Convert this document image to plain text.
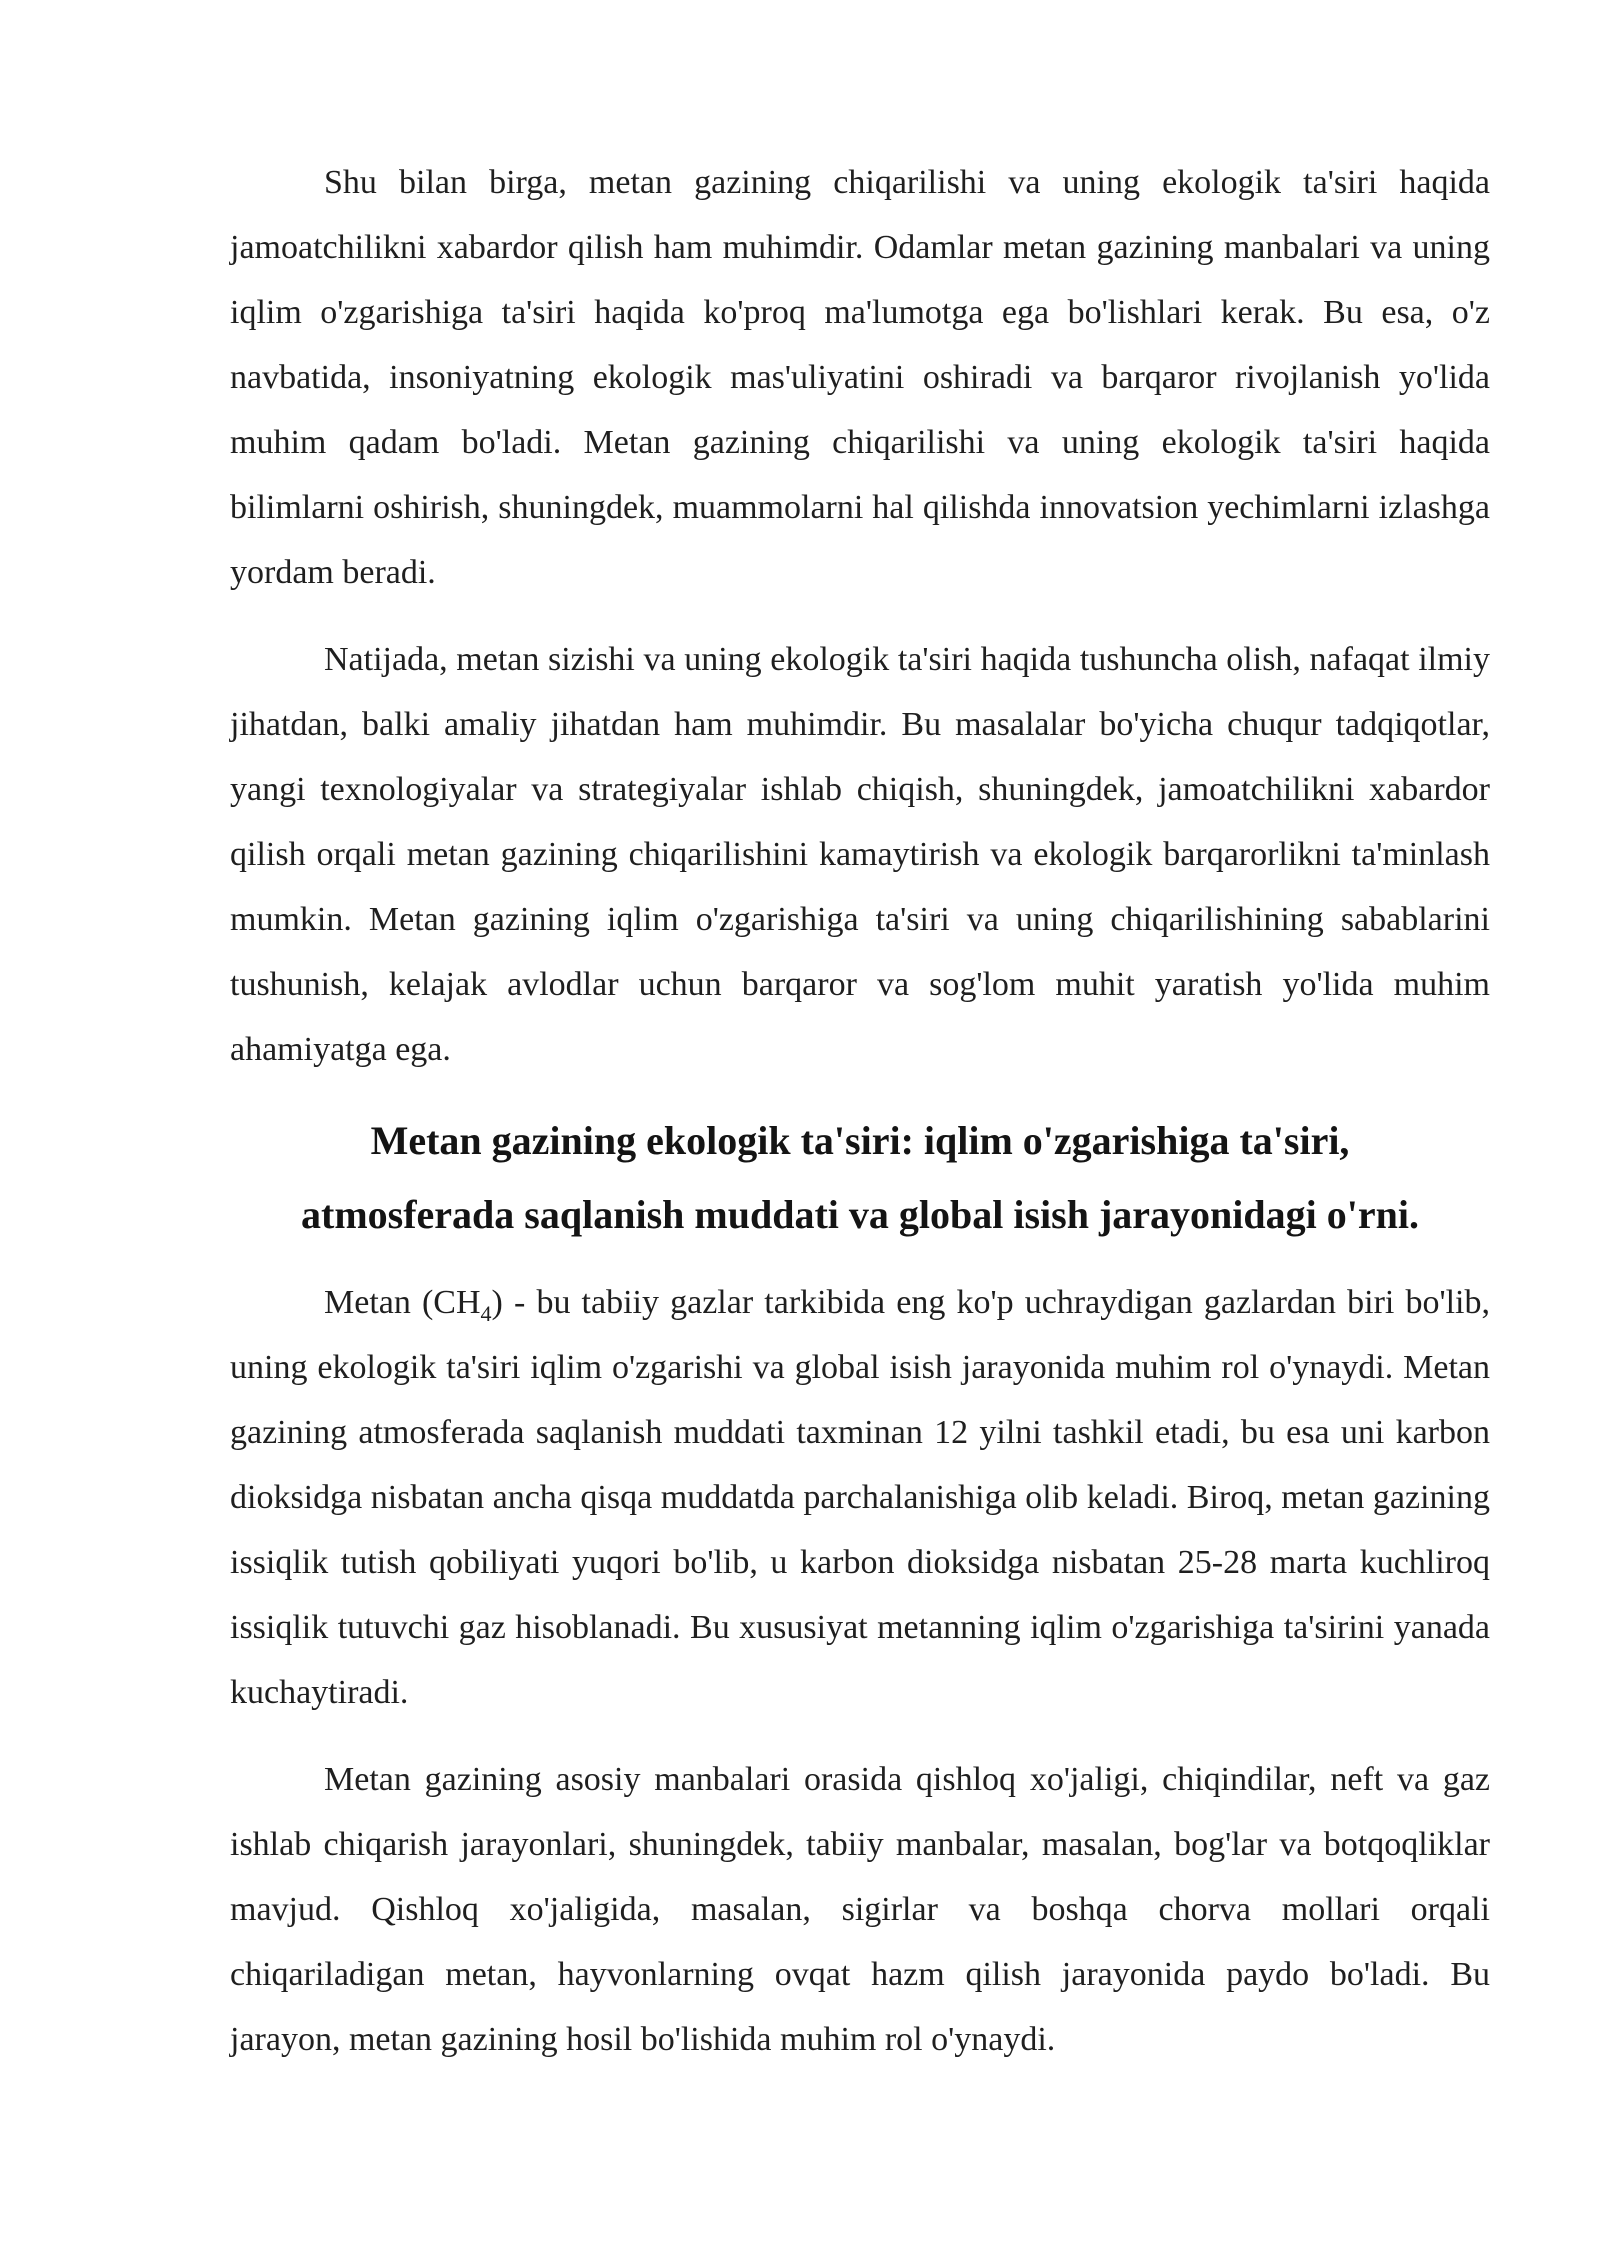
Shu bilan birga, metan gazining chiqarilishi va uning ekologik ta'siri haqida jamoatchilikni xabardor qilish ham muhimdir. Odamlar metan gazining manbalari va uning iqlim o'zgarishiga ta'siri haqida ko'proq ma'lumotga ega bo'lishlari kerak. Bu esa, o'z navbatida, insoniyatning ekologik mas'uliyatini oshiradi va barqaror rivojlanish yo'lida muhim qadam bo'ladi. Metan gazining chiqarilishi va uning ekologik ta'siri haqida bilimlarni oshirish, shuningdek, muammolarni hal qilishda innovatsion yechimlarni izlashga yordam beradi.

Natijada, metan sizishi va uning ekologik ta'siri haqida tushuncha olish, nafaqat ilmiy jihatdan, balki amaliy jihatdan ham muhimdir. Bu masalalar bo'yicha chuqur tadqiqotlar, yangi texnologiyalar va strategiyalar ishlab chiqish, shuningdek, jamoatchilikni xabardor qilish orqali metan gazining chiqarilishini kamaytirish va ekologik barqarorlikni ta'minlash mumkin. Metan gazining iqlim o'zgarishiga ta'siri va uning chiqarilishining sabablarini tushunish, kelajak avlodlar uchun barqaror va sog'lom muhit yaratish yo'lida muhim ahamiyatga ega.

Metan gazining ekologik ta'siri: iqlim o'zgarishiga ta'siri,
atmosferada saqlanish muddati va global isish jarayonidagi o'rni.

Metan $(CH_4)$ - bu tabiiy gazlar tarkibida eng ko'p uchraydigan gazlardan biri bo'lib, uning ekologik ta'siri iqlim o'zgarishi va global isish jarayonida muhim rol o'ynaydi. Metan gazining atmosferada saqlanish muddati taxminan 12 yilni tashkil etadi, bu esa uni karbon dioksidga nisbatan ancha qisqa muddatda parchalanishiga olib keladi. Biroq, metan gazining issiqlik tutish qobiliyati yuqori bo'lib, u karbon dioksidga nisbatan 25-28 marta kuchliroq issiqlik tutuvchi gaz hisoblanadi. Bu xususiyat metanning iqlim o'zgarishiga ta'sirini yanada kuchaytiradi.

Metan gazining asosiy manbalari orasida qishloq xo'jaligi, chiqindilar, neft va gaz ishlab chiqarish jarayonlari, shuningdek, tabiiy manbalar, masalan, bog'lar va botqoqliklar mavjud. Qishloq xo'jaligida, masalan, sigirlar va boshqa chorva mollari orqali chiqariladigan metan, hayvonlarning ovqat hazm qilish jarayonida paydo bo'ladi. Bu jarayon, metan gazining hosil bo'lishida muhim rol o'ynaydi.
